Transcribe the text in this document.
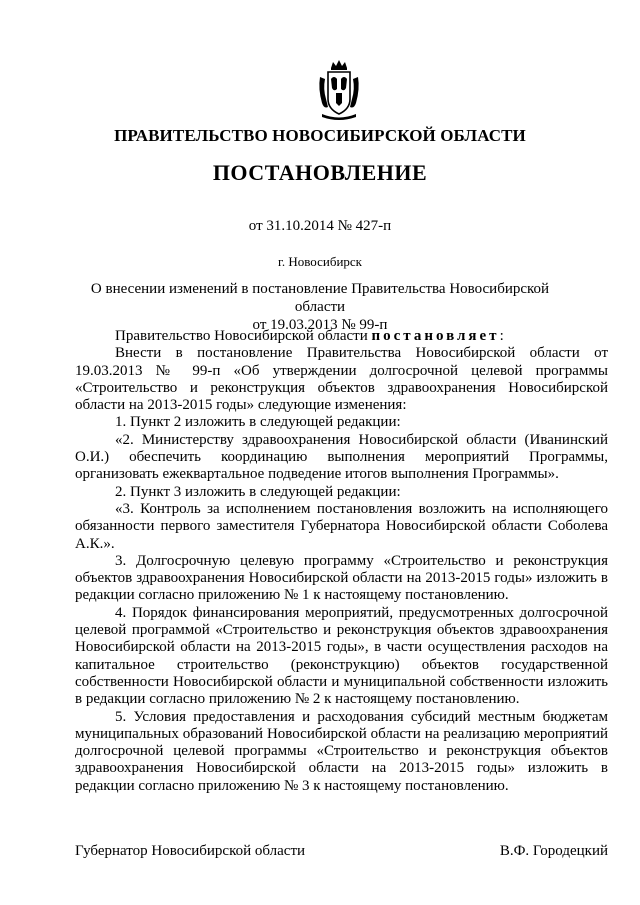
ПРАВИТЕЛЬСТВО НОВОСИБИРСКОЙ ОБЛАСТИ
ПОСТАНОВЛЕНИЕ
от 31.10.2014 № 427-п
г. Новосибирск
О внесении изменений в постановление Правительства Новосибирской области
от 19.03.2013 № 99-п

Правительство Новосибирской области постановляет:

Внести в постановление Правительства Новосибирской области от 19.03.2013 № 99-п «Об утверждении долгосрочной целевой программы «Строительство и реконструкция объектов здравоохранения Новосибирской области на 2013-2015 годы» следующие изменения:

1. Пункт 2 изложить в следующей редакции:

«2. Министерству здравоохранения Новосибирской области (Иванинский О.И.) обеспечить координацию выполнения мероприятий Программы, организовать ежеквартальное подведение итогов выполнения Программы».

2. Пункт 3 изложить в следующей редакции:

«3. Контроль за исполнением постановления возложить на исполняющего обязанности первого заместителя Губернатора Новосибирской области Соболева А.К.».

3. Долгосрочную целевую программу «Строительство и реконструкция объектов здравоохранения Новосибирской области на 2013-2015 годы» изложить в редакции согласно приложению № 1 к настоящему постановлению.

4. Порядок финансирования мероприятий, предусмотренных долгосрочной целевой программой «Строительство и реконструкция объектов здравоохранения Новосибирской области на 2013-2015 годы», в части осуществления расходов на капитальное строительство (реконструкцию) объектов государственной собственности Новосибирской области и муниципальной собственности изложить в редакции согласно приложению № 2 к настоящему постановлению.

5. Условия предоставления и расходования субсидий местным бюджетам муниципальных образований Новосибирской области на реализацию мероприятий долгосрочной целевой программы «Строительство и реконструкция объектов здравоохранения Новосибирской области на 2013-2015 годы» изложить в редакции согласно приложению № 3 к настоящему постановлению.

Губернатор Новосибирской области	В.Ф. Городецкий
